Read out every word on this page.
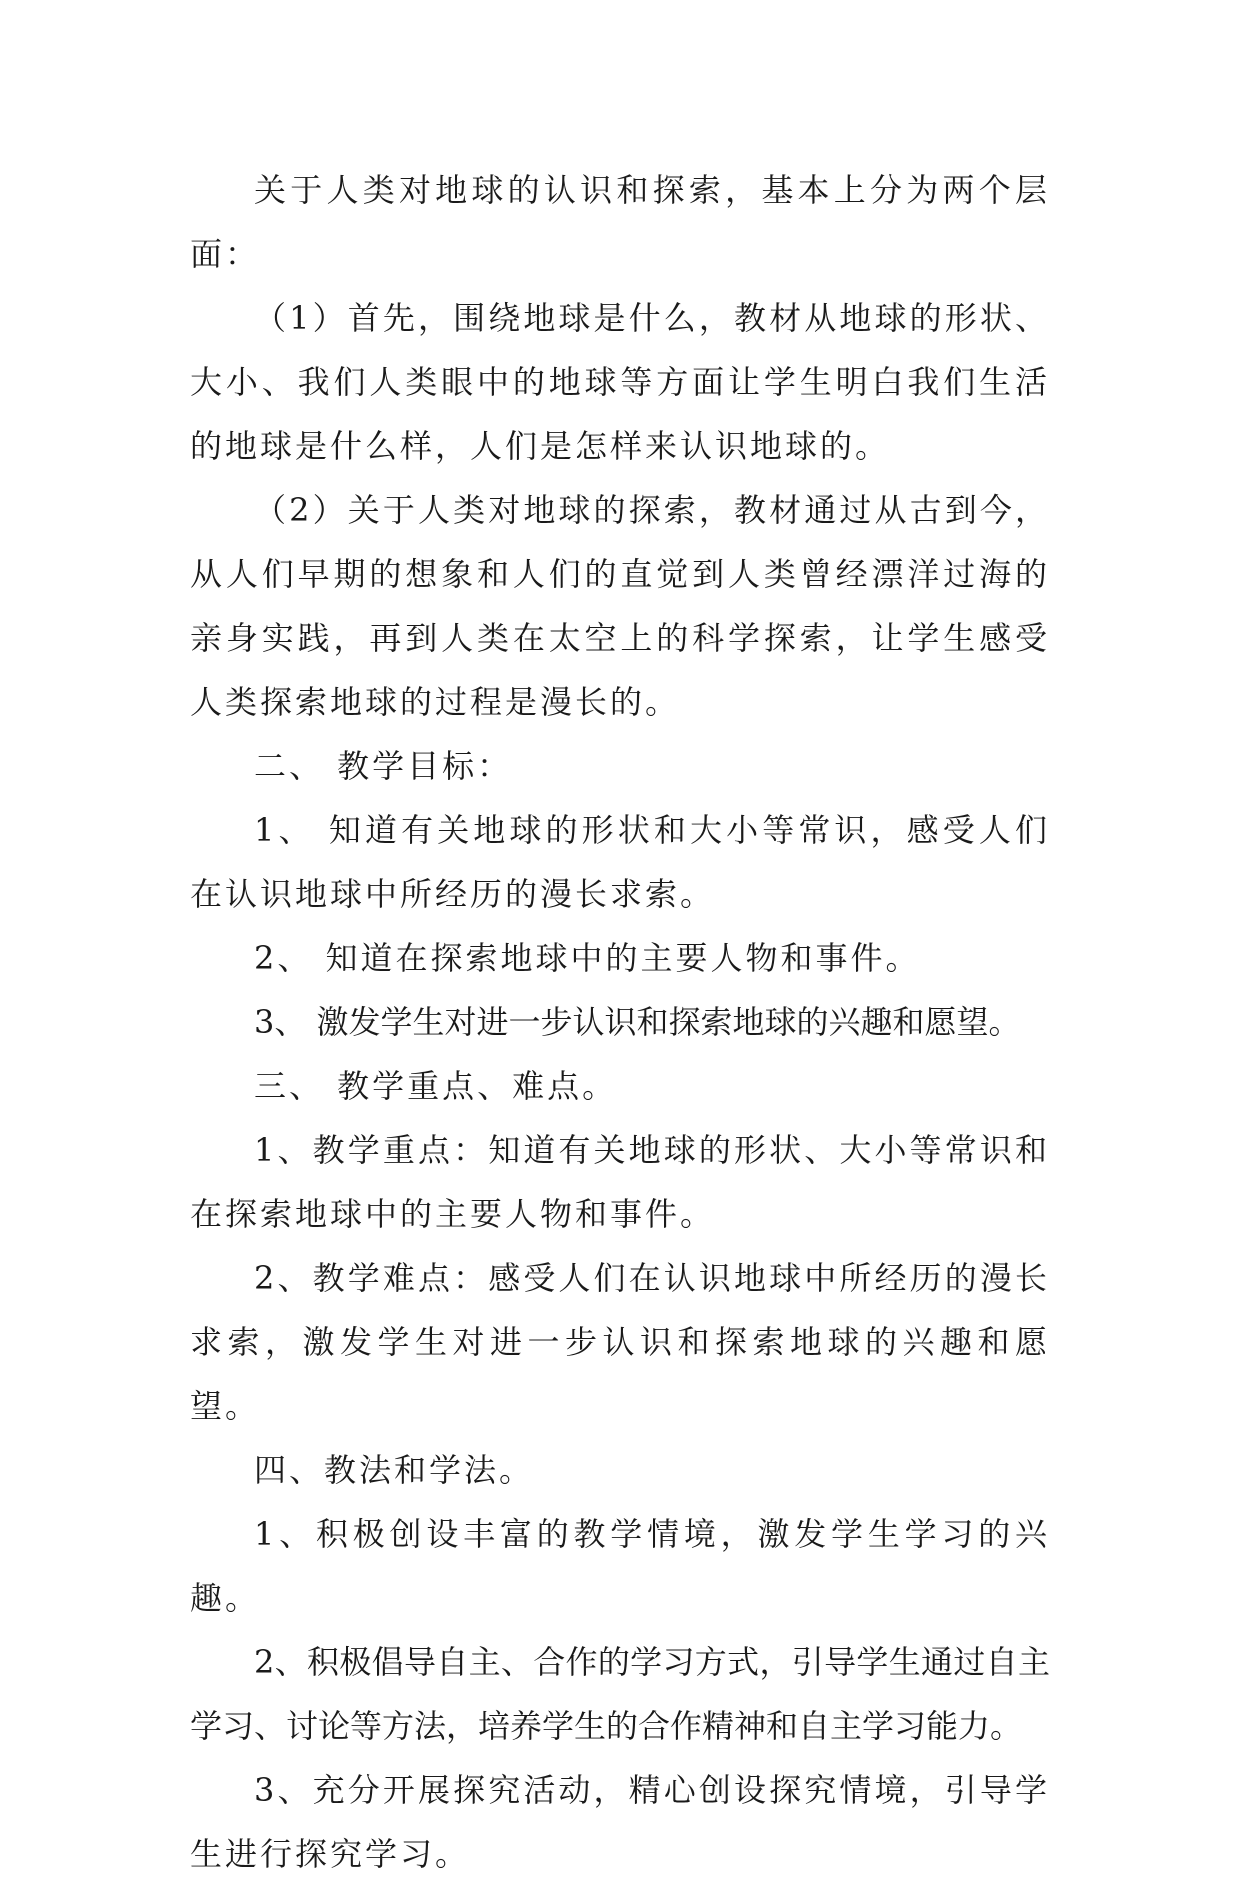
关于人类对地球的认识和探索，基本上分为两个层面：

（1）首先，围绕地球是什么，教材从地球的形状、大小、我们人类眼中的地球等方面让学生明白我们生活的地球是什么样，人们是怎样来认识地球的。

（2）关于人类对地球的探索，教材通过从古到今，从人们早期的想象和人们的直觉到人类曾经漂洋过海的亲身实践，再到人类在太空上的科学探索，让学生感受人类探索地球的过程是漫长的。

二、 教学目标：

1、 知道有关地球的形状和大小等常识，感受人们在认识地球中所经历的漫长求索。

2、 知道在探索地球中的主要人物和事件。

3、 激发学生对进一步认识和探索地球的兴趣和愿望。

三、 教学重点、难点。

1、教学重点：知道有关地球的形状、大小等常识和在探索地球中的主要人物和事件。

2、教学难点：感受人们在认识地球中所经历的漫长求索，激发学生对进一步认识和探索地球的兴趣和愿望。

四、教法和学法。

1、积极创设丰富的教学情境，激发学生学习的兴趣。

2、积极倡导自主、合作的学习方式，引导学生通过自主学习、讨论等方法，培养学生的合作精神和自主学习能力。

3、充分开展探究活动，精心创设探究情境，引导学生进行探究学习。
